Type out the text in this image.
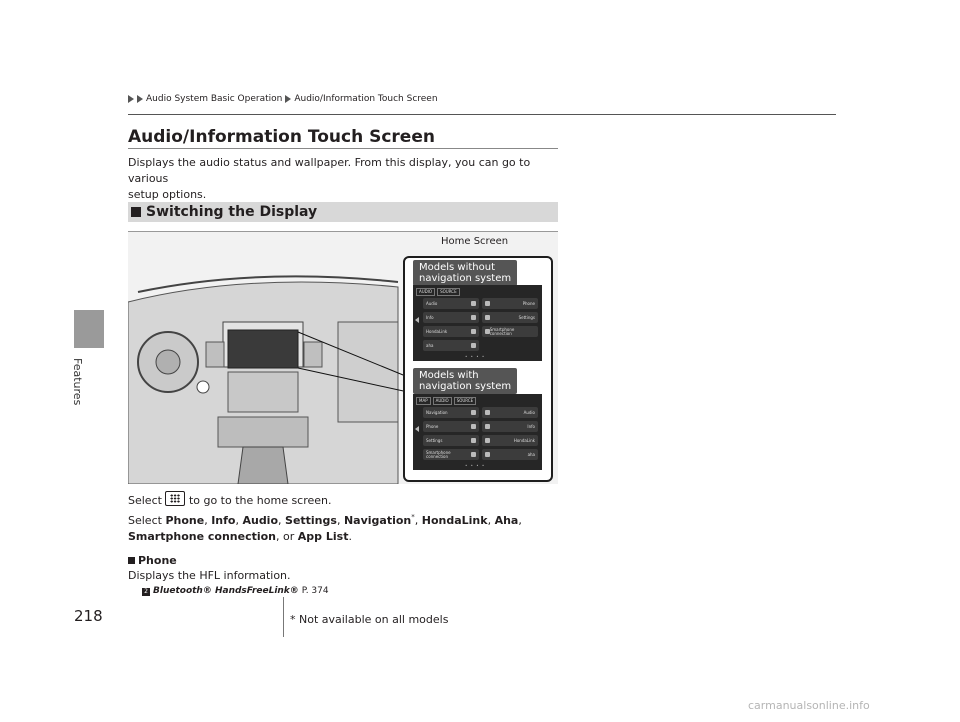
Features
Audio System Basic Operation Audio/Information Touch Screen
Audio/Information Touch Screen
Displays the audio status and wallpaper. From this display, you can go to various
setup options.
Switching the Display
Home Screen
Models without
navigation system
AUDIO	SOURCE
Audio	Phone
Info	Settings
HondaLink	Smartphone connection
aha
• • • •
Models with
navigation system
MAP	AUDIO	SOURCE
Navigation	Audio
Phone	Info
Settings	HondaLink
Smartphone connection	aha
• • • •
Select to go to the home screen.
Select Phone, Info, Audio, Settings, Navigation*, HondaLink, Aha,
Smartphone connection, or App List.
Phone
Displays the HFL information.
2 Bluetooth® HandsFreeLink® P. 374
218	* Not available on all models
carmanualsonline.info
